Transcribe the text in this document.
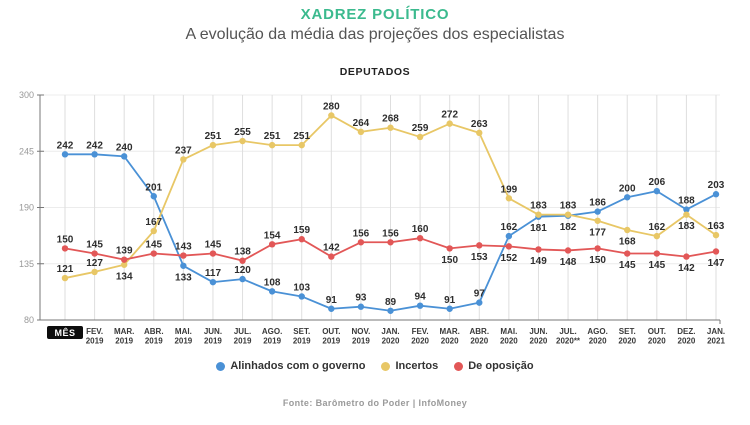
XADREZ POLÍTICO
A evolução da média das projeções dos especialistas
DEPUTADOS
300
245
190
135
80
MÊS FEV. 2019
MAR. 2019
ABR. 2019
MAI. 2019
JUN. 2019
JUL. 2019
AGO. 2019
SET. 2019
OUT. 2019
NOV. 2019
JAN. 2020
FEV. 2020
MAR. 2020
ABR. 2020
MAI. 2020
JUN. 2020
JUL. 2020**
AGO. 2020
SET. 2020
OUT. 2020
DEZ. 2020
JAN. 2021
242 242 240
201
133 117 120
108 103
91 93 89 94 91
97
162 181 182
186
200
206
188
203
121
127
134
167
237
251 255 251 251
280
264 268
259
272
263
199
183 183
177
168
162 183 163
150 145
139
145 143 145
138
154 159
142
156 156 160
150 153 152 149 148 150 145 145 142 147
Alinhados com o governo	Incertos	De oposição
Fonte: Barômetro do Poder | InfoMoney
